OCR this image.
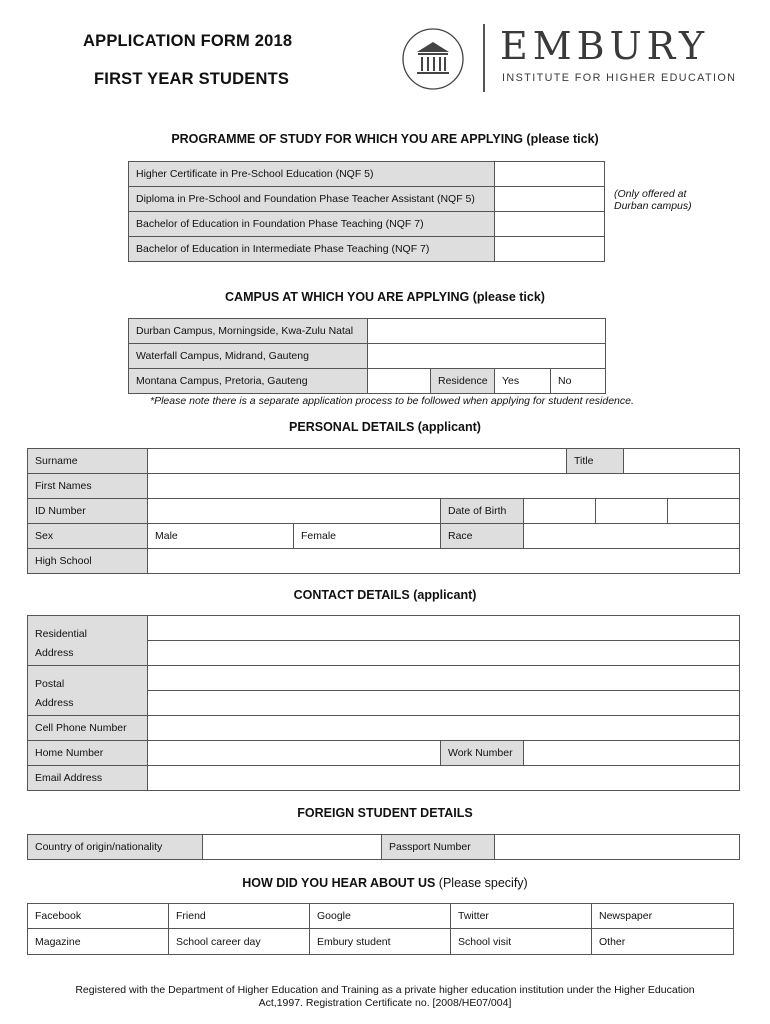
APPLICATION FORM 2018
FIRST YEAR STUDENTS
EMBURY
INSTITUTE FOR HIGHER EDUCATION
PROGRAMME OF STUDY FOR WHICH YOU ARE APPLYING (please tick)
Higher Certificate in Pre-School Education (NQF 5)
Diploma in Pre-School and Foundation Phase Teacher Assistant (NQF 5)
Bachelor of Education in Foundation Phase Teaching (NQF 7)
Bachelor of Education in Intermediate Phase Teaching (NQF 7)
(Only offered at
Durban campus)
CAMPUS AT WHICH YOU ARE APPLYING (please tick)
Durban Campus, Morningside, Kwa-Zulu Natal
Waterfall Campus, Midrand, Gauteng
Montana Campus, Pretoria, Gauteng	Residence	Yes	No
*Please note there is a separate application process to be followed when applying for student residence.
PERSONAL DETAILS (applicant)
Surname	Title
First Names
ID Number	Date of Birth
Sex	Male	Female	Race
High School
CONTACT DETAILS (applicant)
Residential
Address
Postal
Address
Cell Phone Number
Home Number	Work Number
Email Address
FOREIGN STUDENT DETAILS
Country of origin/nationality	Passport Number
HOW DID YOU HEAR ABOUT US (Please specify)
Facebook	Friend	Google	Twitter	Newspaper
Magazine	School career day	Embury student	School visit	Other
Registered with the Department of Higher Education and Training as a private higher education institution under the Higher Education
Act,1997. Registration Certificate no. [2008/HE07/004]
